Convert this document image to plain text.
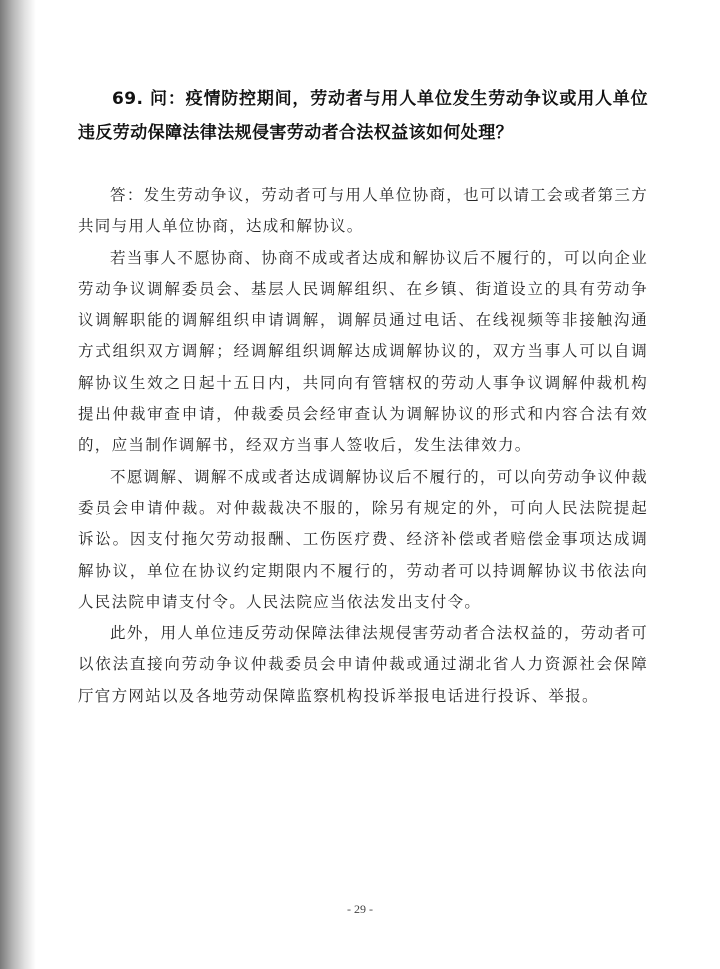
69. 问：疫情防控期间，劳动者与用人单位发生劳动争议或用人单位违反劳动保障法律法规侵害劳动者合法权益该如何处理？

答：发生劳动争议，劳动者可与用人单位协商，也可以请工会或者第三方共同与用人单位协商，达成和解协议。

若当事人不愿协商、协商不成或者达成和解协议后不履行的，可以向企业劳动争议调解委员会、基层人民调解组织、在乡镇、街道设立的具有劳动争议调解职能的调解组织申请调解，调解员通过电话、在线视频等非接触沟通方式组织双方调解；经调解组织调解达成调解协议的，双方当事人可以自调解协议生效之日起十五日内，共同向有管辖权的劳动人事争议调解仲裁机构提出仲裁审查申请，仲裁委员会经审查认为调解协议的形式和内容合法有效的，应当制作调解书，经双方当事人签收后，发生法律效力。

不愿调解、调解不成或者达成调解协议后不履行的，可以向劳动争议仲裁委员会申请仲裁。对仲裁裁决不服的，除另有规定的外，可向人民法院提起诉讼。因支付拖欠劳动报酬、工伤医疗费、经济补偿或者赔偿金事项达成调解协议，单位在协议约定期限内不履行的，劳动者可以持调解协议书依法向人民法院申请支付令。人民法院应当依法发出支付令。

此外，用人单位违反劳动保障法律法规侵害劳动者合法权益的，劳动者可以依法直接向劳动争议仲裁委员会申请仲裁或通过湖北省人力资源社会保障厅官方网站以及各地劳动保障监察机构投诉举报电话进行投诉、举报。

- 29 -
